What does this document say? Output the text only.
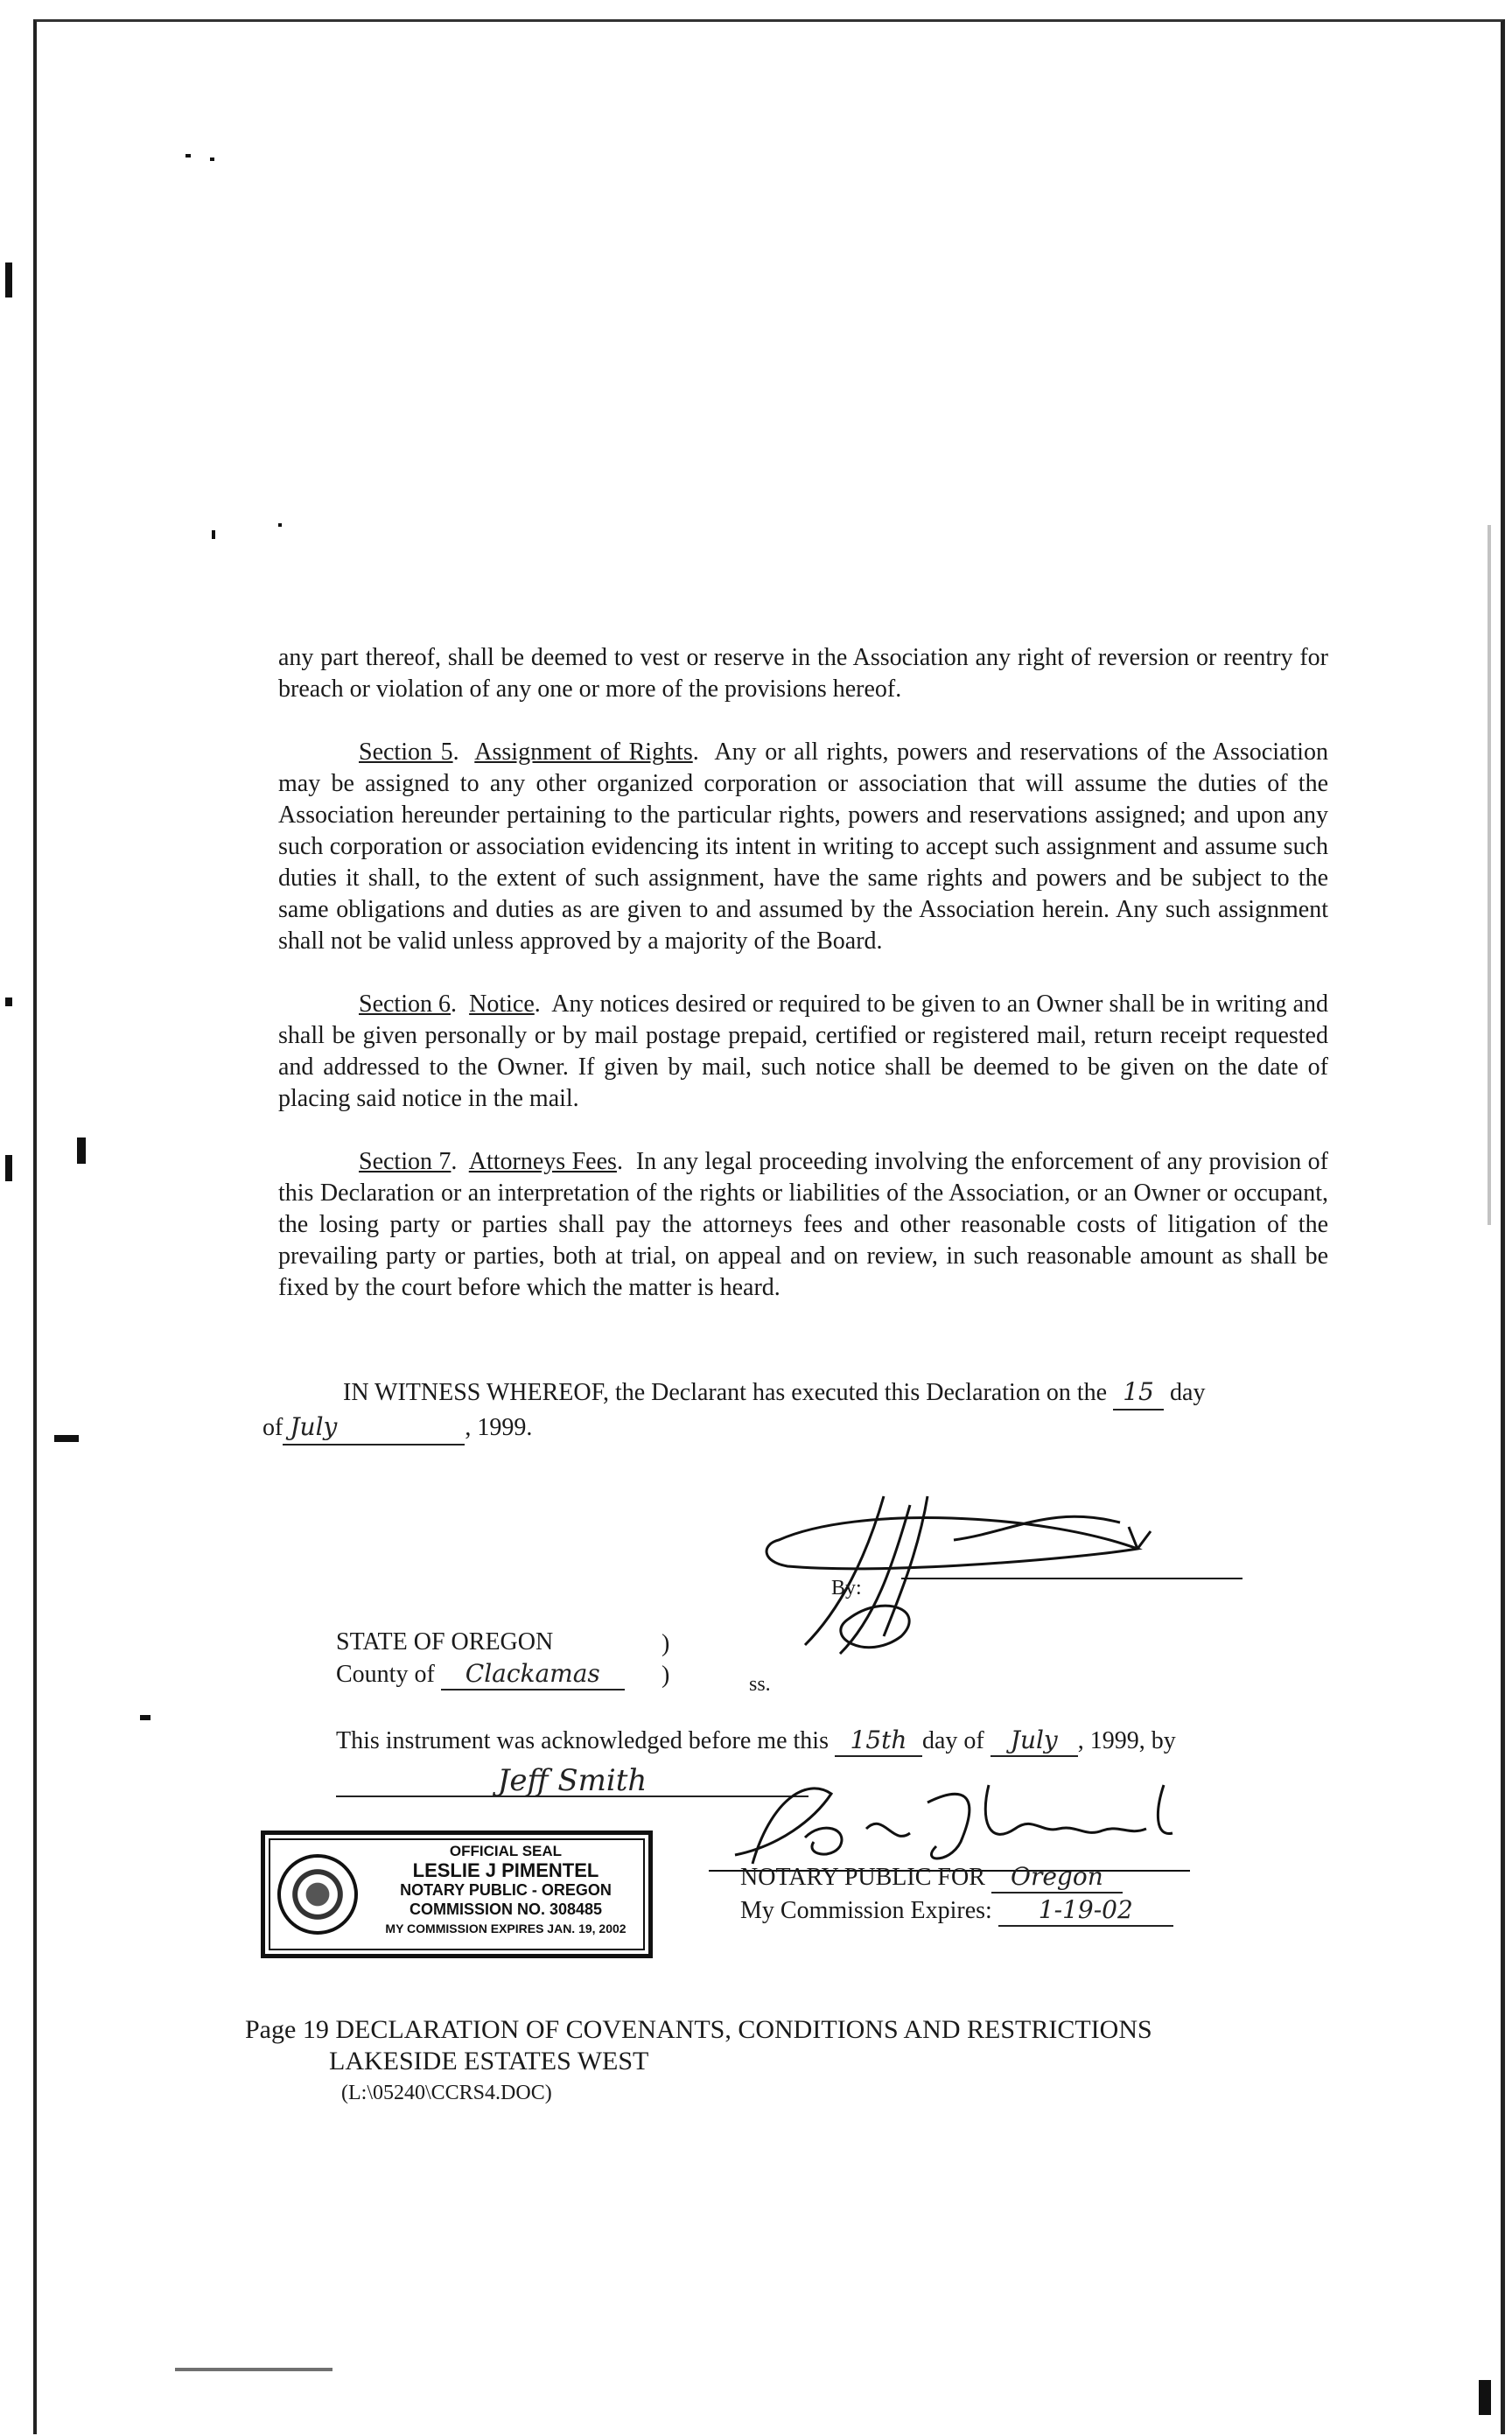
any part thereof, shall be deemed to vest or reserve in the Association any right of reversion or reentry for breach or violation of any one or more of the provisions hereof.

Section 5.  Assignment of Rights.  Any or all rights, powers and reservations of the Association may be assigned to any other organized corporation or association that will assume the duties of the Association hereunder pertaining to the particular rights, powers and reservations assigned; and upon any such corporation or association evidencing its intent in writing to accept such assignment and assume such duties it shall, to the extent of such assignment, have the same rights and powers and be subject to the same obligations and duties as are given to and assumed by the Association herein. Any such assignment shall not be valid unless approved by a majority of the Board.

Section 6.  Notice.  Any notices desired or required to be given to an Owner shall be in writing and shall be given personally or by mail postage prepaid, certified or registered mail, return receipt requested and addressed to the Owner. If given by mail, such notice shall be deemed to be given on the date of placing said notice in the mail.

Section 7.  Attorneys Fees.  In any legal proceeding involving the enforcement of any provision of this Declaration or an interpretation of the rights or liabilities of the Association, or an Owner or occupant, the losing party or parties shall pay the attorneys fees and other reasonable costs of litigation of the prevailing party or parties, both at trial, on appeal and on review, in such reasonable amount as shall be fixed by the court before which the matter is heard.

IN WITNESS WHEREOF, the Declarant has executed this Declaration on the 15 day
of July	, 1999.
By:
STATE OF OREGON	)
County of Clackamas	)	ss.
This instrument was acknowledged before me this 15th day of July , 1999, by
Jeff Smith
NOTARY PUBLIC FOR Oregon
My Commission Expires: 1-19-02
OFFICIAL SEAL
LESLIE J PIMENTEL
NOTARY PUBLIC - OREGON
COMMISSION NO. 308485
MY COMMISSION EXPIRES JAN. 19, 2002
Page 19 DECLARATION OF COVENANTS, CONDITIONS AND RESTRICTIONS
LAKESIDE ESTATES WEST
(L:\05240\CCRS4.DOC)
